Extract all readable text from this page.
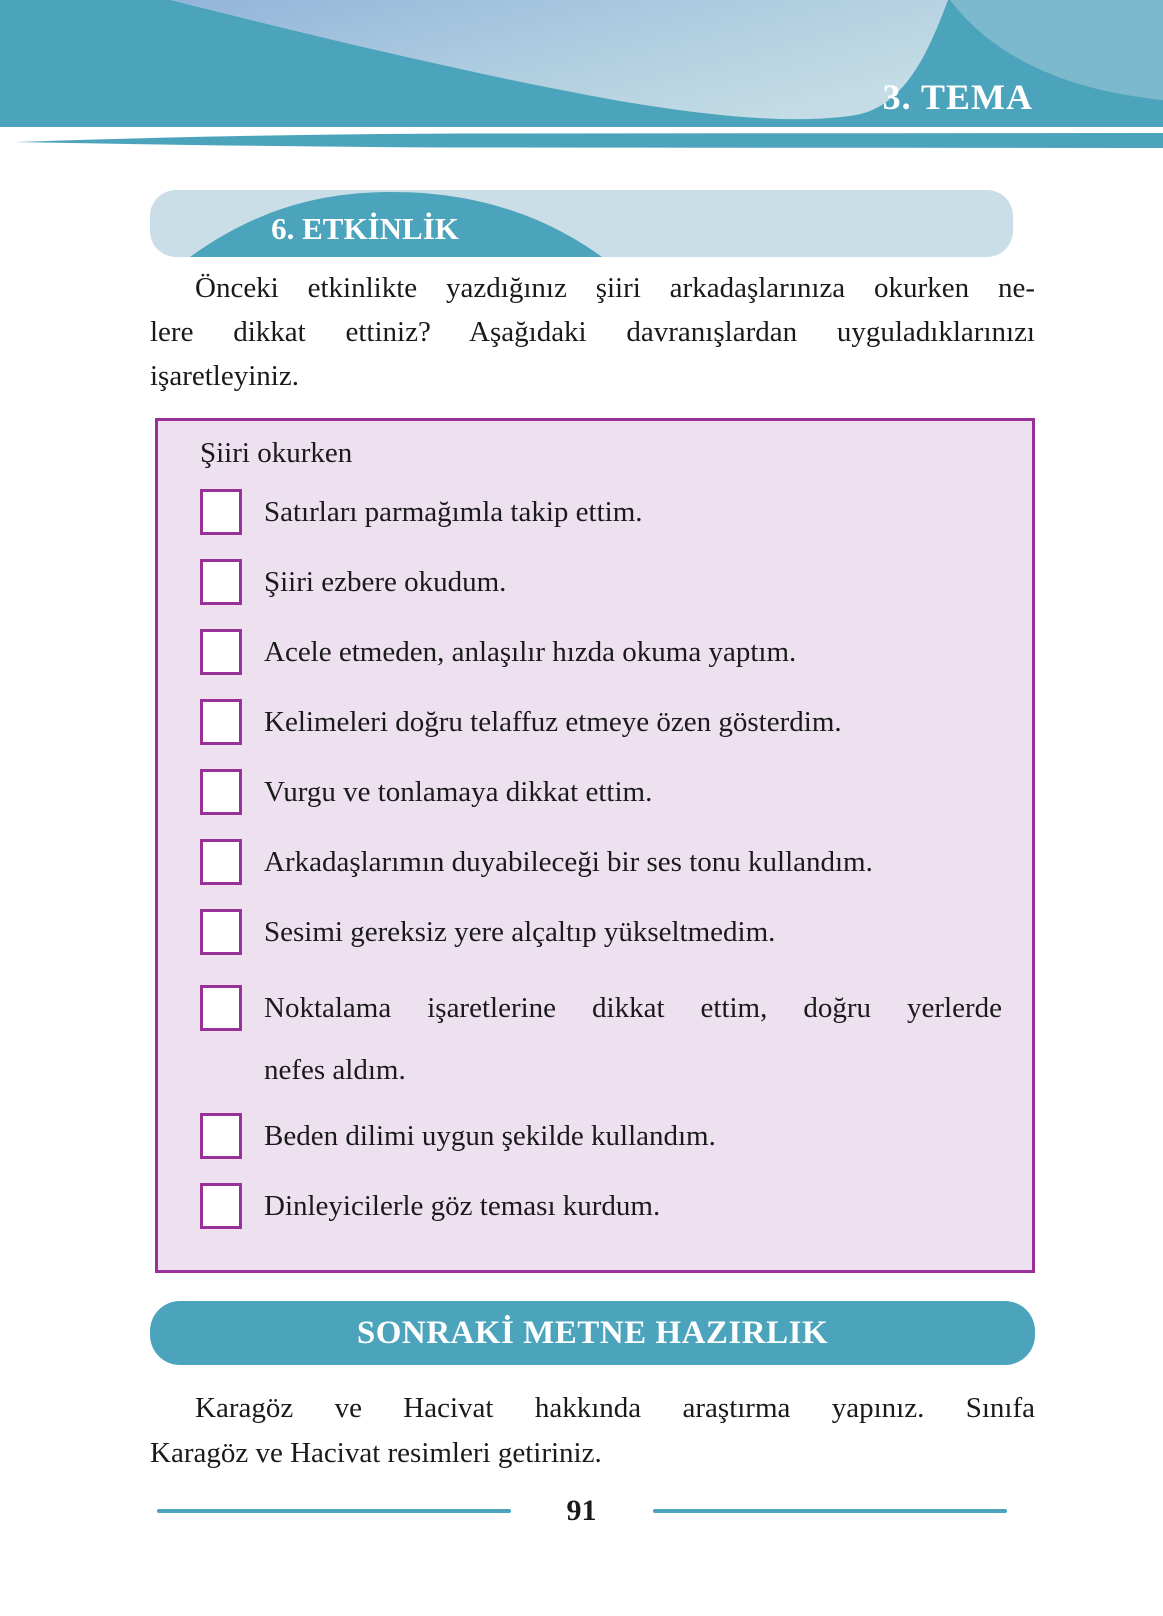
3. TEMA
6. ETKİNLİK
Önceki etkinlikte yazdığınız şiiri arkadaşlarınıza okurken ne-
lere dikkat ettiniz? Aşağıdaki davranışlardan uyguladıklarınızı
işaretleyiniz.
Şiiri okurken
Satırları parmağımla takip ettim.
Şiiri ezbere okudum.
Acele etmeden, anlaşılır hızda okuma yaptım.
Kelimeleri doğru telaffuz etmeye özen gösterdim.
Vurgu ve tonlamaya dikkat ettim.
Arkadaşlarımın duyabileceği bir ses tonu kullandım.
Sesimi gereksiz yere alçaltıp yükseltmedim.
Noktalama işaretlerine dikkat ettim, doğru yerlerde
nefes aldım.
Beden dilimi uygun şekilde kullandım.
Dinleyicilerle göz teması kurdum.
SONRAKİ METNE HAZIRLIK
Karagöz ve Hacivat hakkında araştırma yapınız. Sınıfa
Karagöz ve Hacivat resimleri getiriniz.
91
